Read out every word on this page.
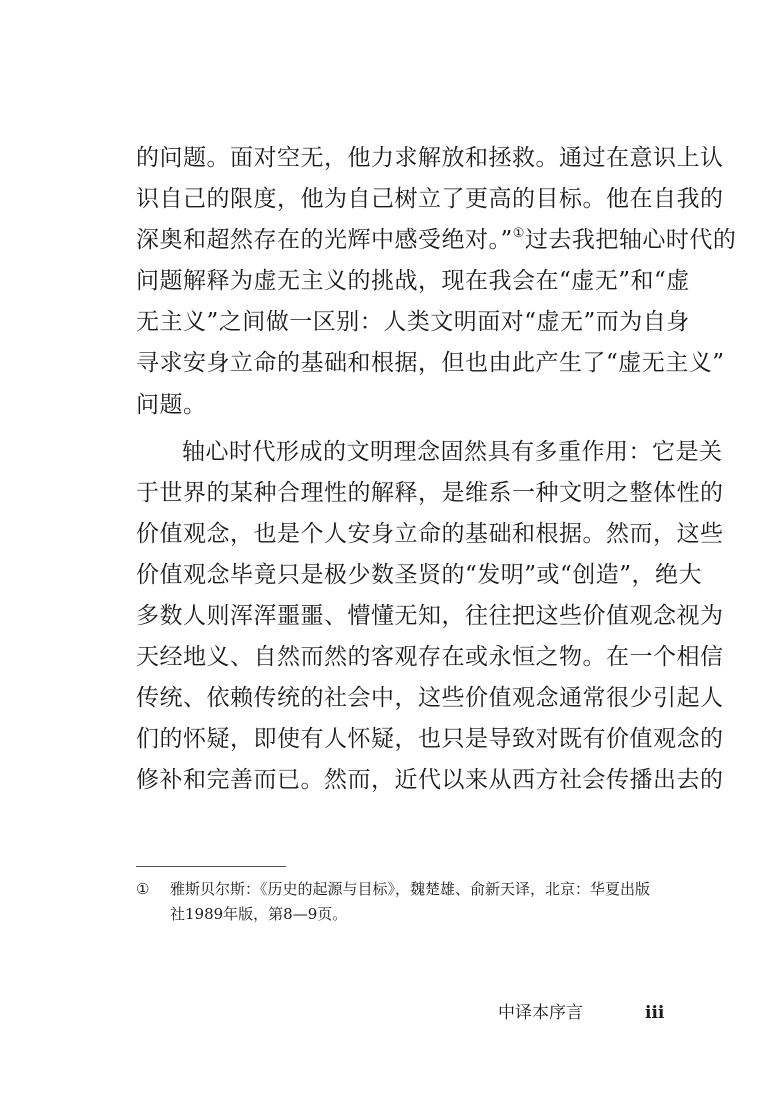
的问题。面对空无，他力求解放和拯救。通过在意识上认
识自己的限度，他为自己树立了更高的目标。他在自我的
深奥和超然存在的光辉中感受绝对。”①过去我把轴心时代的
问题解释为虚无主义的挑战，现在我会在“虚无”和“虚
无主义”之间做一区别：人类文明面对“虚无”而为自身
寻求安身立命的基础和根据，但也由此产生了“虚无主义”
问题。
轴心时代形成的文明理念固然具有多重作用：它是关
于世界的某种合理性的解释，是维系一种文明之整体性的
价值观念，也是个人安身立命的基础和根据。然而，这些
价值观念毕竟只是极少数圣贤的“发明”或“创造”，绝大
多数人则浑浑噩噩、懵懂无知，往往把这些价值观念视为
天经地义、自然而然的客观存在或永恒之物。在一个相信
传统、依赖传统的社会中，这些价值观念通常很少引起人
们的怀疑，即使有人怀疑，也只是导致对既有价值观念的
修补和完善而已。然而，近代以来从西方社会传播出去的
①	雅斯贝尔斯：《历史的起源与目标》，魏楚雄、俞新天译，北京：华夏出版
社1989年版，第8—9页。
中译本序言	iii
